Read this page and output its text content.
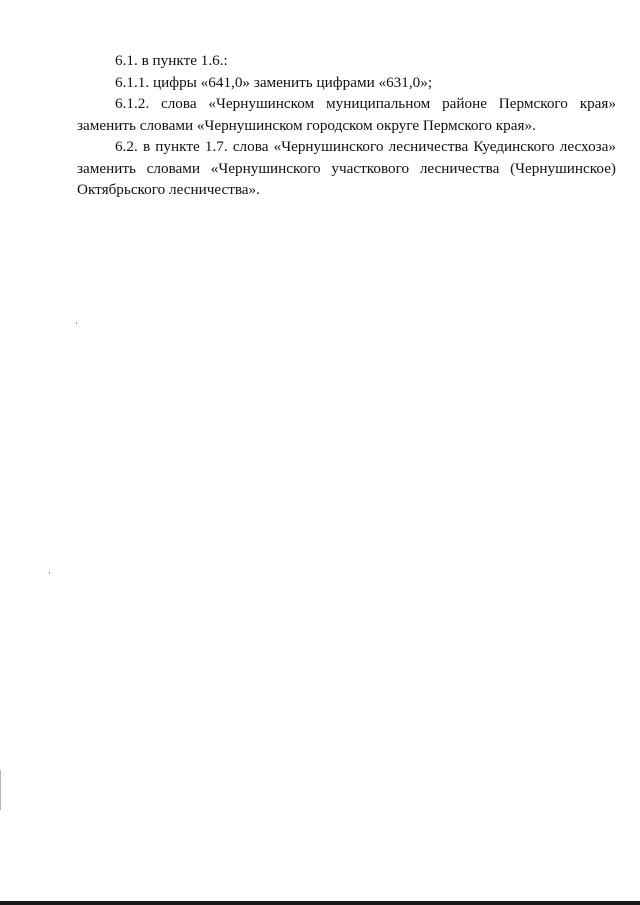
6.1. в пункте 1.6.:

6.1.1. цифры «641,0» заменить цифрами «631,0»;

6.1.2. слова «Чернушинском муниципальном районе Пермского края» заменить словами «Чернушинском городском округе Пермского края».

6.2. в пункте 1.7. слова «Чернушинского лесничества Куединского лесхоза» заменить словами «Чернушинского участкового лесничества (Чернушинское) Октябрьского лесничества».
